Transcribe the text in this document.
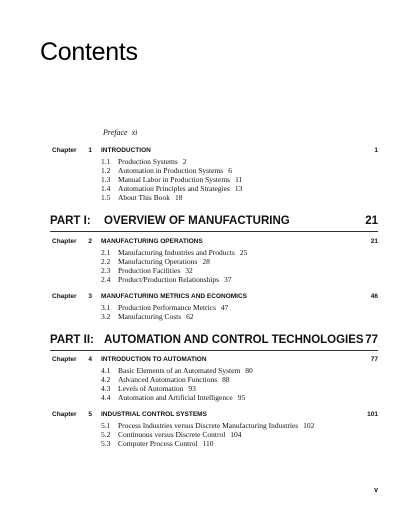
Contents
Preface xi
Chapter	1 INTRODUCTION	1
1.1 Production Systems 2
1.2 Automation in Production Systems 6
1.3 Manual Labor in Production Systems 11
1.4 Automation Principles and Strategies 13
1.5 About This Book 18
PART I: OVERVIEW OF MANUFACTURING	21
Chapter	2 MANUFACTURING OPERATIONS	21
2.1 Manufacturing Industries and Products 25
2.2 Manufacturing Operations 28
2.3 Production Facilities 32
2.4 Product/Production Relationships 37
Chapter	3 MANUFACTURING METRICS AND ECONOMICS	46
3.1 Production Performance Metrics 47
3.2 Manufacturing Costs 62
PART II: AUTOMATION AND CONTROL TECHNOLOGIES 77
Chapter	4 INTRODUCTION TO AUTOMATION	77
4.1 Basic Elements of an Automated System 80
4.2 Advanced Automation Functions 88
4.3 Levels of Automation 93
4.4 Automation and Artificial Intelligence 95
Chapter	5 INDUSTRIAL CONTROL SYSTEMS	101
5.1 Process Industries versus Discrete Manufacturing Industries 102
5.2 Continuous versus Discrete Control 104
5.3 Computer Process Control 110
v
